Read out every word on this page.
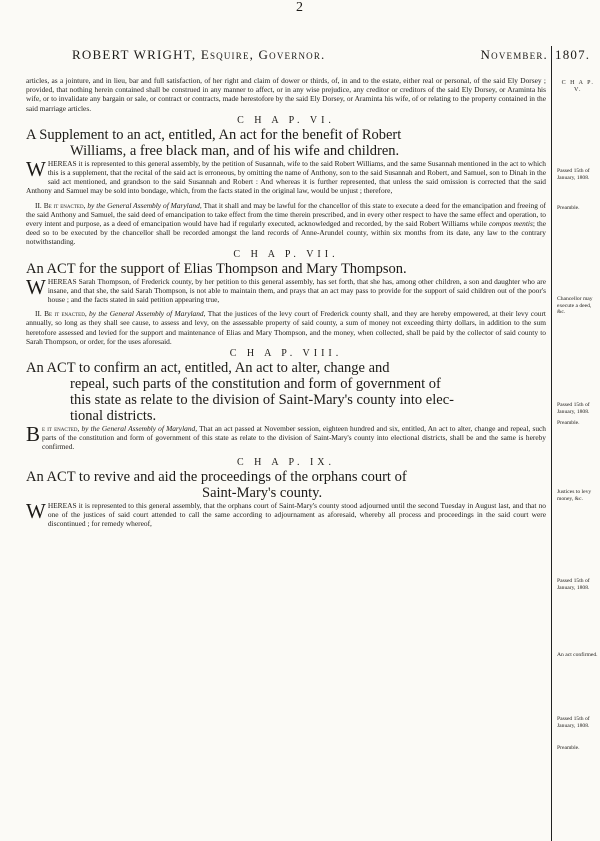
2
ROBERT WRIGHT, Esquire, Governor.	November. 1807.

articles, as a jointure, and in lieu, bar and full satisfaction, of her right and claim of dower or thirds, of, in and to the estate, either real or personal, of the said Ely Dorsey ; provided, that nothing herein contained shall be construed in any manner to affect, or in any wise prejudice, any creditor or creditors of the said Ely Dorsey, or Araminta his wife, or to invalidate any bargain or sale, or contract or contracts, made herestofore by the said Ely Dorsey, or Araminta his wife, of or relating to the property contained in the said marriage articles.

C H A P. VI.
A Supplement to an act, entitled, An act for the benefit of Robert
Williams, a free black man, and of his wife and children.

W HEREAS it is represented to this general assembly, by the petition of Susannah, wife to the said Robert Williams, and the same Susannah mentioned in the act to which this is a supplement, that the recital of the said act is erroneous, by omitting the name of Anthony, son to the said Susannah and Robert, and Samuel, son to Dinah in the said act mentioned, and grandson to the said Susannah and Robert : And whereas it is further represented, that unless the said omission is corrected that the said Anthony and Samuel may be sold into bondage, which, from the facts stated in the original law, would be unjust ; therefore,

II. Be it enacted, by the General Assembly of Maryland, That it shall and may be lawful for the chancellor of this state to execute a deed for the emancipation and freeing of the said Anthony and Samuel, the said deed of emancipation to take effect from the time therein prescribed, and in every other respect to have the same effect and operation, to every intent and purpose, as a deed of emancipation would have had if regularly executed, acknowledged and recorded, by the said Robert Williams while compos mentis; the deed so to be executed by the chancellor shall be recorded amongst the land records of Anne-Arundel county, within six months from its date, any law to the contrary notwithstanding.

C H A P. VII.
An ACT for the support of Elias Thompson and Mary Thompson.

W HEREAS Sarah Thompson, of Frederick county, by her petition to this general assembly, has set forth, that she has, among other children, a son and daughter who are insane, and that she, the said Sarah Thompson, is not able to maintain them, and prays that an act may pass to provide for the support of said children out of the poor's house ; and the facts stated in said petition appearing true,

II. Be it enacted, by the General Assembly of Maryland, That the justices of the levy court of Frederick county shall, and they are hereby empowered, at their levy court annually, so long as they shall see cause, to assess and levy, on the assessable property of said county, a sum of money not exceeding thirty dollars, in addition to the sum heretofore assessed and levied for the support and maintenance of Elias and Mary Thompson, and the money, when collected, shall be paid by the collector of said county to Sarah Thompson, or order, for the uses aforesaid.

C H A P. VIII.
An ACT to confirm an act, entitled, An act to alter, change and
repeal, such parts of the constitution and form of government of
this state as relate to the division of Saint-Mary's county into elec-
tional districts.

B e it enacted, by the General Assembly of Maryland, That an act passed at November session, eighteen hundred and six, entitled, An act to alter, change and repeal, such parts of the constitution and form of government of this state as relate to the division of Saint-Mary's county into electional districts, shall be and the same is hereby confirmed.

C H A P. IX.
An ACT to revive and aid the proceedings of the orphans court of
Saint-Mary's county.

W HEREAS it is represented to this general assembly, that the orphans court of Saint-Mary's county stood adjourned until the second Tuesday in August last, and that no one of the justices of said court attended to call the same according to adjournament as aforesaid, whereby all process and proceedings in the said court were discontinued ; for remedy whereof,

C H A P.
V.
Passed 15th of January, 1808.
Preamble.
Chancellor may execute a deed, &c.
Passed 15th of January, 1808.
Preamble.
Justices to levy money, &c.
Passed 15th of January, 1808.
An act confirmed.
Passed 15th of January, 1808.
Preamble.
